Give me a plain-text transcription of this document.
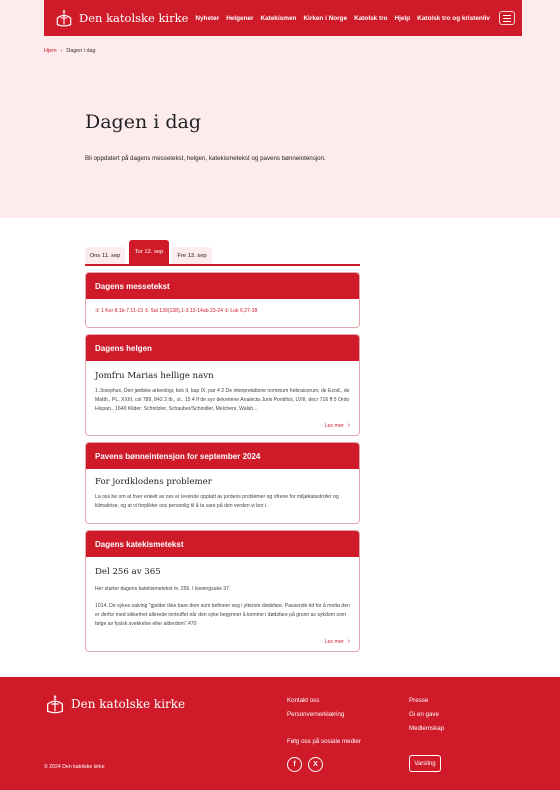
Den katolske kirke Nyheter Helgener Katekismen Kirken i Norge Katolsk tro Hjelp Katolsk tro og kristenliv
Hjem › Dagen i dag
Dagen i dag

Bli oppdatert på dagens messetekst, helgen, katekismetekst og pavens bønneintensjon.

Ons 11. sep
Tor 12. sep
Fre 13. sep
Dagens messetekst
① 1 Kor 8,1b-7.11-13 ① Sal 139(138),1-3.13-14ab.23-24 ① Luk 6,27-38
Dagens helgen
Jomfru Marias hellige navn
1 Josephus, Den jødiske arkeologi, bok II, kap IX, par 4 2 De interpretatione nominum hebraicorum, de Exod., de Matth., PL, XXIII, col 789, 842 3 Ib., xl., 15 4 If de syv dekretene Analecta Juris Pontificii, LVIII, decr 716 ff 5 Ordo Hispan., 1640 Kilder: Schnitzler, Schauber/Schindler, Melchers, Walsh...
Les mer ›
Pavens bønneintensjon for september 2024
For jordklodens problemer
La oss be om at hver enkelt av oss er levende opptatt av jordens problemer og ofrene for miljøkatastrofer og klimakrise, og at vi forplikter oss personlig til å ta vare på den verden vi bor i.
Dagens katekismetekst
Del 256 av 365

Her starter dagens katekismetekst nr. 256. I leseingsuke 37.

1014. De sykes salving "gjelder ikke bare dem som befinner seg i ytterste dødsfare. Passende tid for å motta den er derfor med sikkerhet allerede inntruffet når den syke begynner å komme i dødsfare på grunn av sykdom som følge av fysisk svekkelse eller alderdom".470

Les mer ›
Den katolske kirke	Kontakt oss
Personvernerklæring
Presse
Gi en gave
Medlemskap
Følg oss på sosiale medier
f	X
© 2024 Den katolske kirke
Varsling
